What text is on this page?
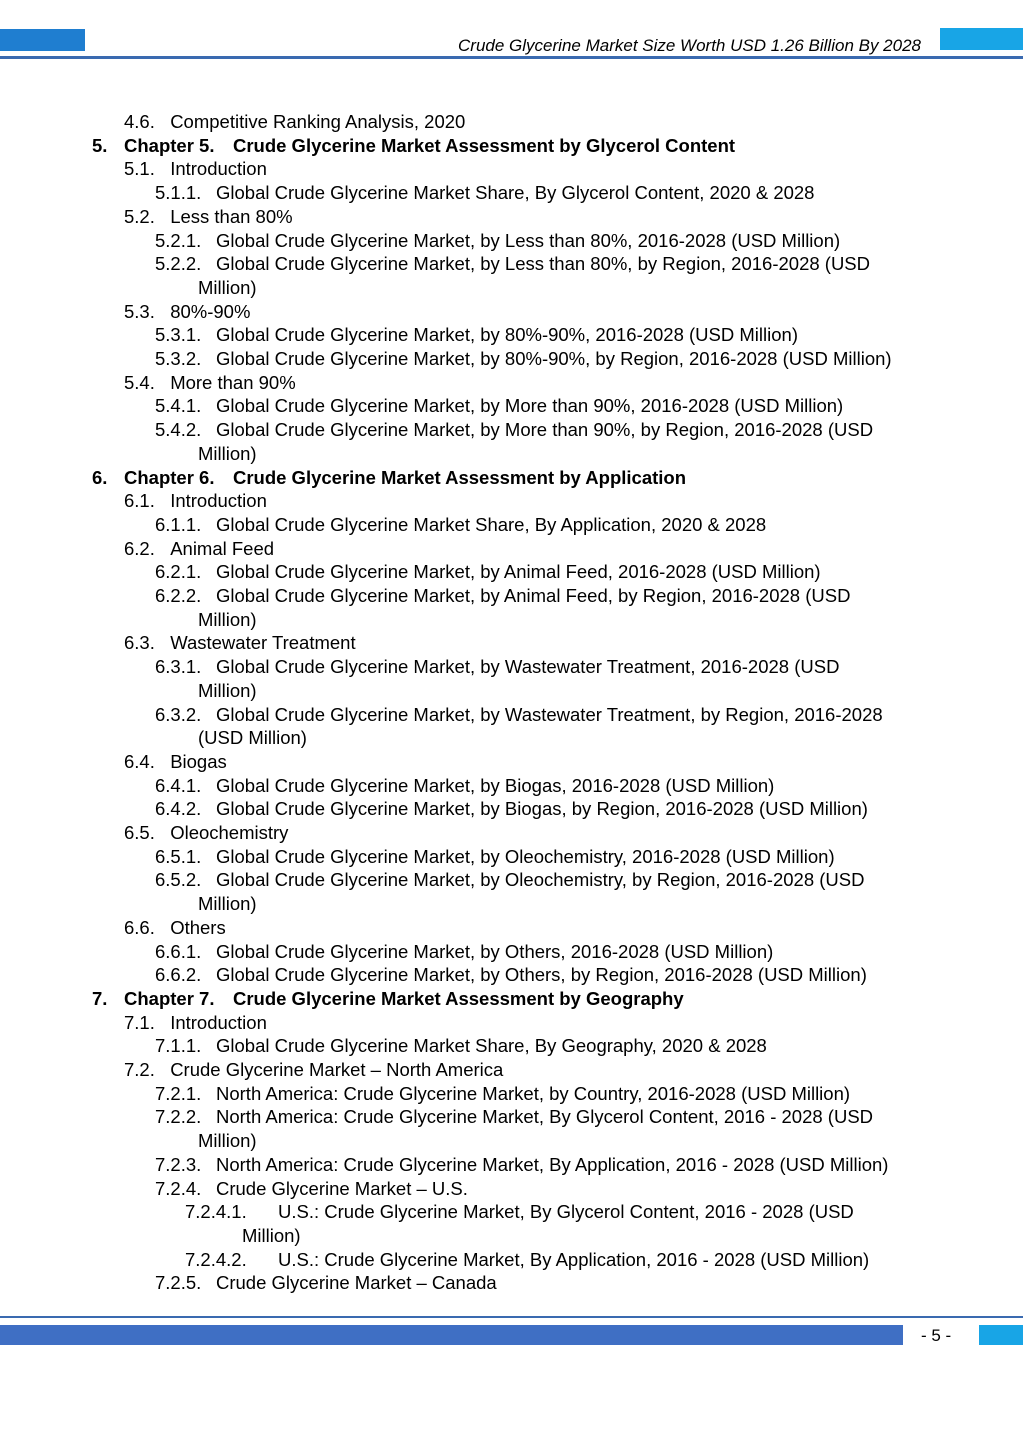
Crude Glycerine Market Size Worth USD 1.26 Billion By 2028
4.6. Competitive Ranking Analysis, 2020
5. Chapter 5. Crude Glycerine Market Assessment by Glycerol Content
5.1. Introduction
5.1.1. Global Crude Glycerine Market Share, By Glycerol Content, 2020 & 2028
5.2. Less than 80%
5.2.1. Global Crude Glycerine Market, by Less than 80%, 2016-2028 (USD Million)
5.2.2. Global Crude Glycerine Market, by Less than 80%, by Region, 2016-2028 (USD
Million)
5.3. 80%-90%
5.3.1. Global Crude Glycerine Market, by 80%-90%, 2016-2028 (USD Million)
5.3.2. Global Crude Glycerine Market, by 80%-90%, by Region, 2016-2028 (USD Million)
5.4. More than 90%
5.4.1. Global Crude Glycerine Market, by More than 90%, 2016-2028 (USD Million)
5.4.2. Global Crude Glycerine Market, by More than 90%, by Region, 2016-2028 (USD
Million)
6. Chapter 6. Crude Glycerine Market Assessment by Application
6.1. Introduction
6.1.1. Global Crude Glycerine Market Share, By Application, 2020 & 2028
6.2. Animal Feed
6.2.1. Global Crude Glycerine Market, by Animal Feed, 2016-2028 (USD Million)
6.2.2. Global Crude Glycerine Market, by Animal Feed, by Region, 2016-2028 (USD
Million)
6.3. Wastewater Treatment
6.3.1. Global Crude Glycerine Market, by Wastewater Treatment, 2016-2028 (USD
Million)
6.3.2. Global Crude Glycerine Market, by Wastewater Treatment, by Region, 2016-2028
(USD Million)
6.4. Biogas
6.4.1. Global Crude Glycerine Market, by Biogas, 2016-2028 (USD Million)
6.4.2. Global Crude Glycerine Market, by Biogas, by Region, 2016-2028 (USD Million)
6.5. Oleochemistry
6.5.1. Global Crude Glycerine Market, by Oleochemistry, 2016-2028 (USD Million)
6.5.2. Global Crude Glycerine Market, by Oleochemistry, by Region, 2016-2028 (USD
Million)
6.6. Others
6.6.1. Global Crude Glycerine Market, by Others, 2016-2028 (USD Million)
6.6.2. Global Crude Glycerine Market, by Others, by Region, 2016-2028 (USD Million)
7. Chapter 7. Crude Glycerine Market Assessment by Geography
7.1. Introduction
7.1.1. Global Crude Glycerine Market Share, By Geography, 2020 & 2028
7.2. Crude Glycerine Market – North America
7.2.1. North America: Crude Glycerine Market, by Country, 2016-2028 (USD Million)
7.2.2. North America: Crude Glycerine Market, By Glycerol Content, 2016 - 2028 (USD
Million)
7.2.3. North America: Crude Glycerine Market, By Application, 2016 - 2028 (USD Million)
7.2.4. Crude Glycerine Market – U.S.
7.2.4.1. U.S.: Crude Glycerine Market, By Glycerol Content, 2016 - 2028 (USD
Million)
7.2.4.2. U.S.: Crude Glycerine Market, By Application, 2016 - 2028 (USD Million)
7.2.5. Crude Glycerine Market – Canada
- 5 -
